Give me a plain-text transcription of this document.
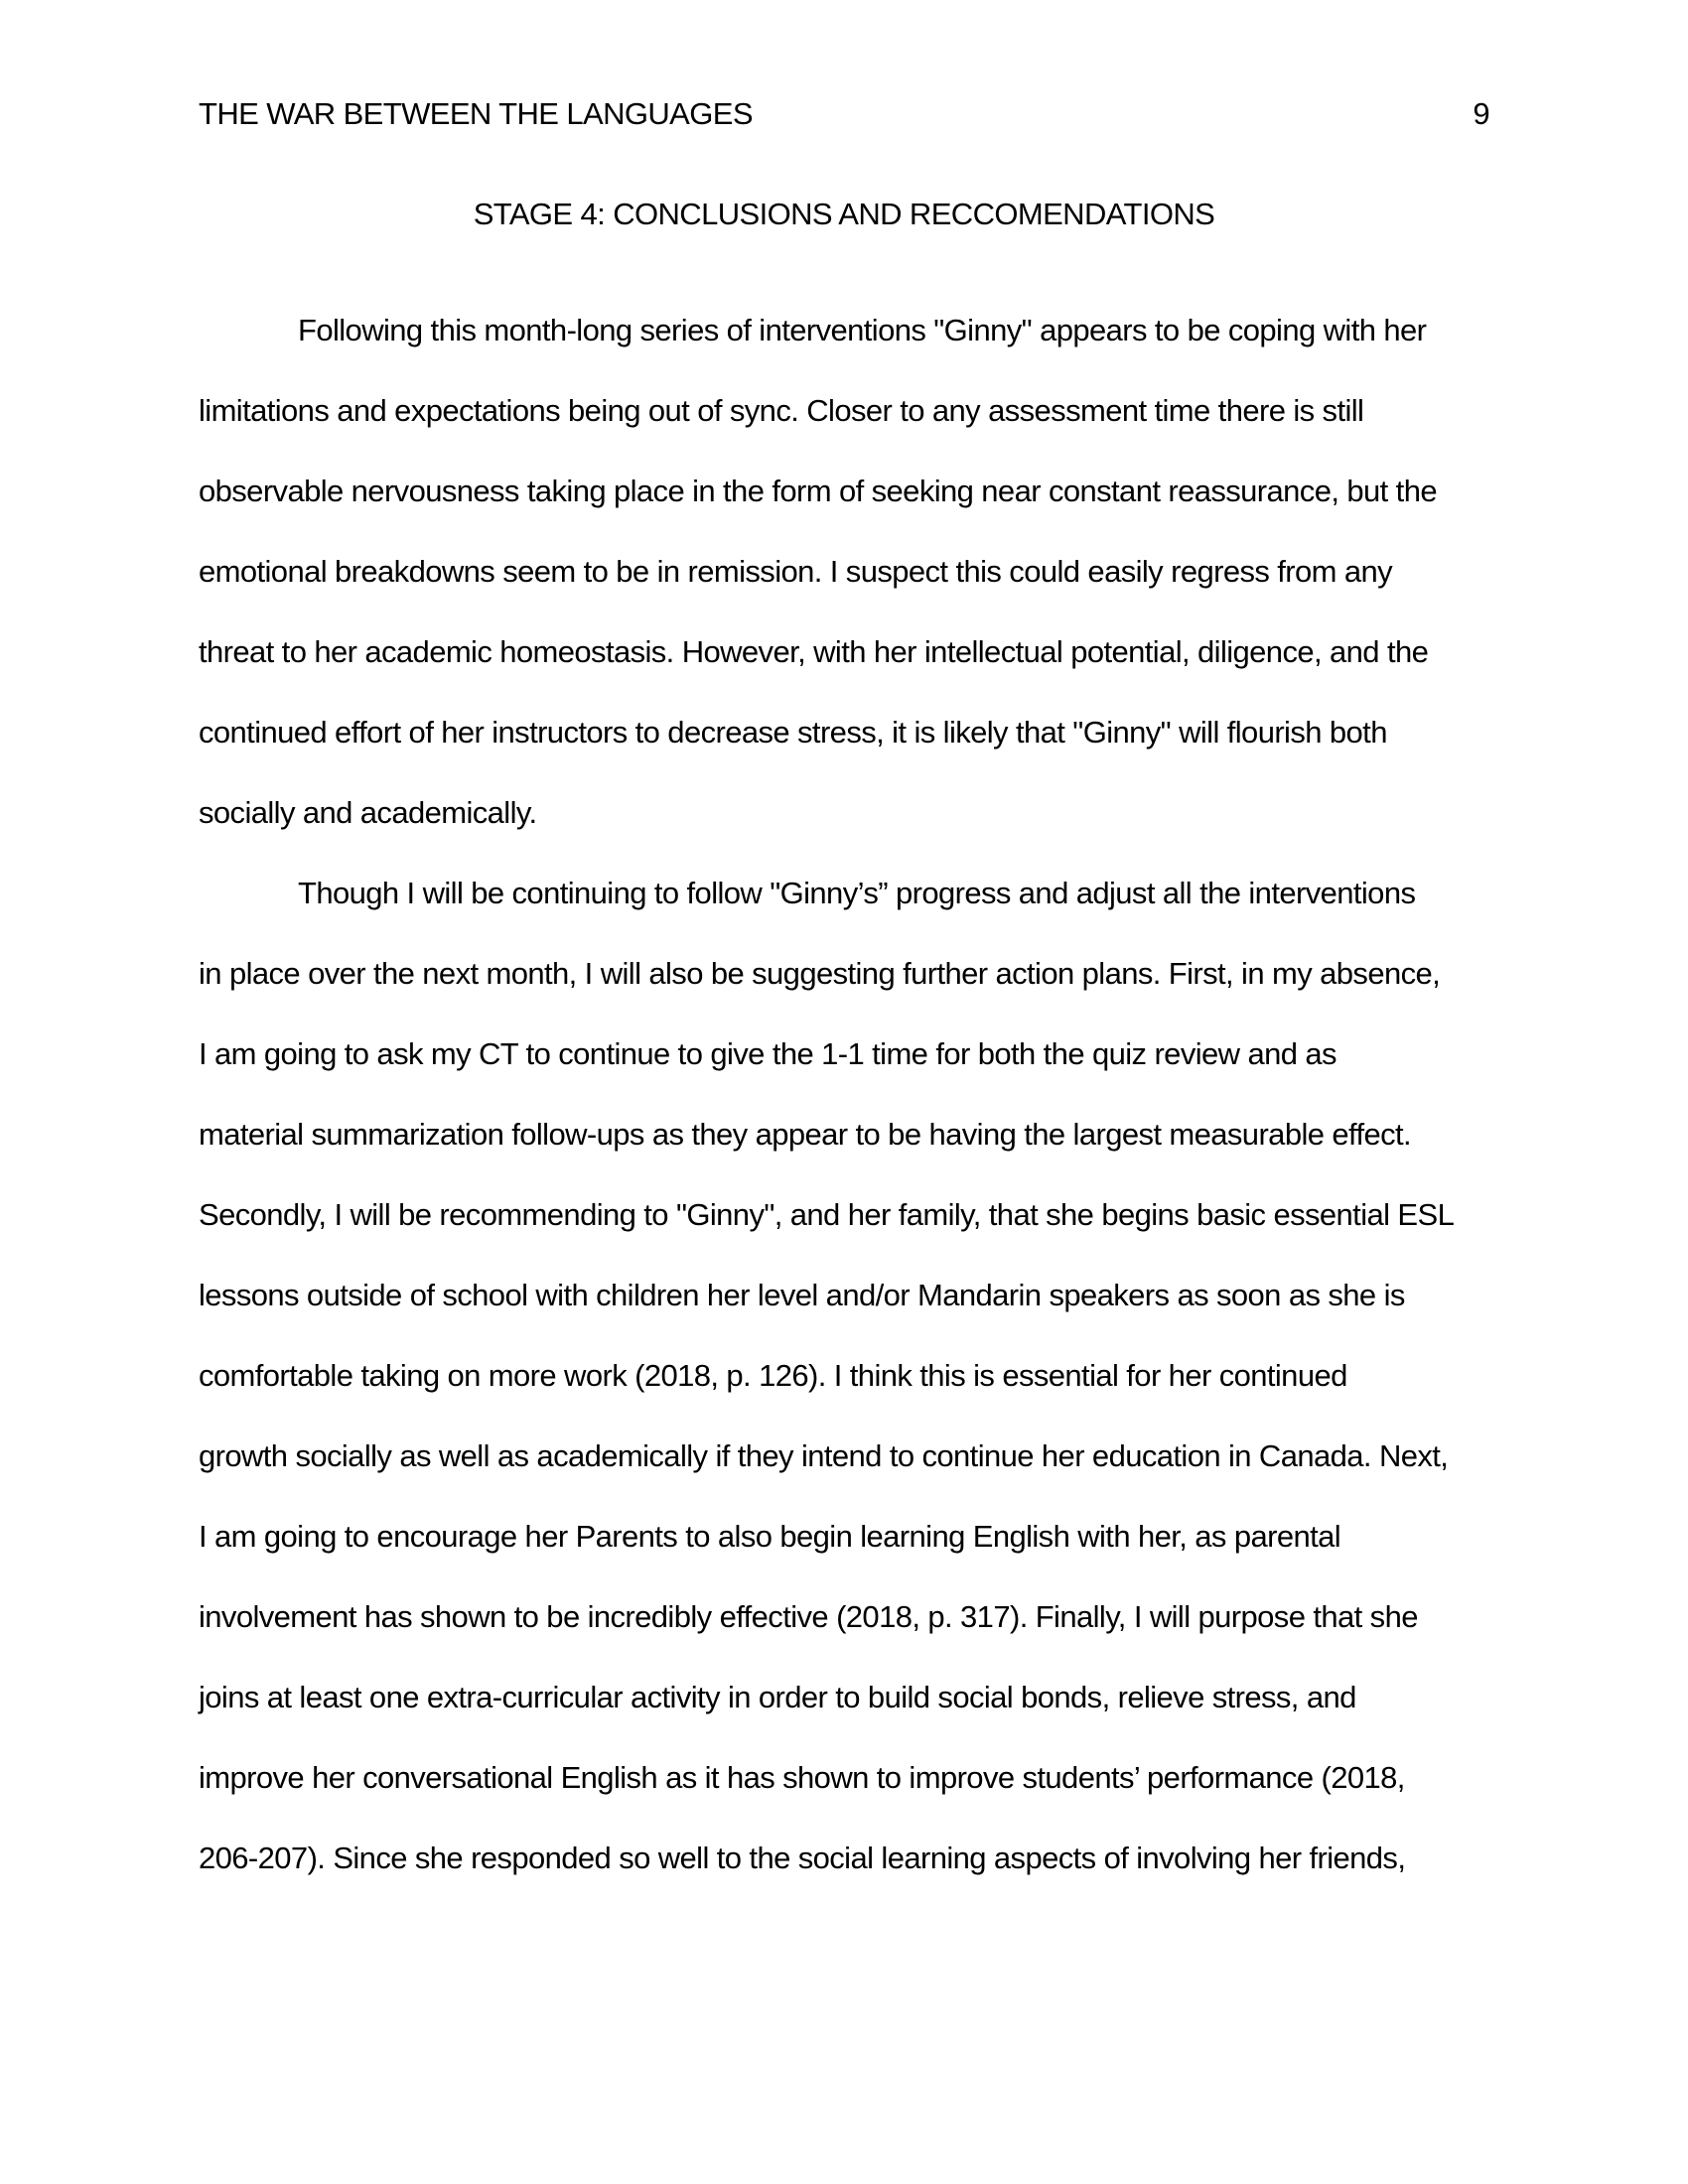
THE WAR BETWEEN THE LANGUAGES	9
STAGE 4: CONCLUSIONS AND RECCOMENDATIONS
Following this month-long series of interventions "Ginny" appears to be coping with her
limitations and expectations being out of sync. Closer to any assessment time there is still
observable nervousness taking place in the form of seeking near constant reassurance, but the
emotional breakdowns seem to be in remission. I suspect this could easily regress from any
threat to her academic homeostasis. However, with her intellectual potential, diligence, and the
continued effort of her instructors to decrease stress, it is likely that "Ginny" will flourish both
socially and academically.
Though I will be continuing to follow "Ginny’s” progress and adjust all the interventions
in place over the next month, I will also be suggesting further action plans. First, in my absence,
I am going to ask my CT to continue to give the 1-1 time for both the quiz review and as
material summarization follow-ups as they appear to be having the largest measurable effect.
Secondly, I will be recommending to "Ginny", and her family, that she begins basic essential ESL
lessons outside of school with children her level and/or Mandarin speakers as soon as she is
comfortable taking on more work (2018, p. 126). I think this is essential for her continued
growth socially as well as academically if they intend to continue her education in Canada. Next,
I am going to encourage her Parents to also begin learning English with her, as parental
involvement has shown to be incredibly effective (2018, p. 317). Finally, I will purpose that she
joins at least one extra-curricular activity in order to build social bonds, relieve stress, and
improve her conversational English as it has shown to improve students’ performance (2018,
206-207). Since she responded so well to the social learning aspects of involving her friends,
